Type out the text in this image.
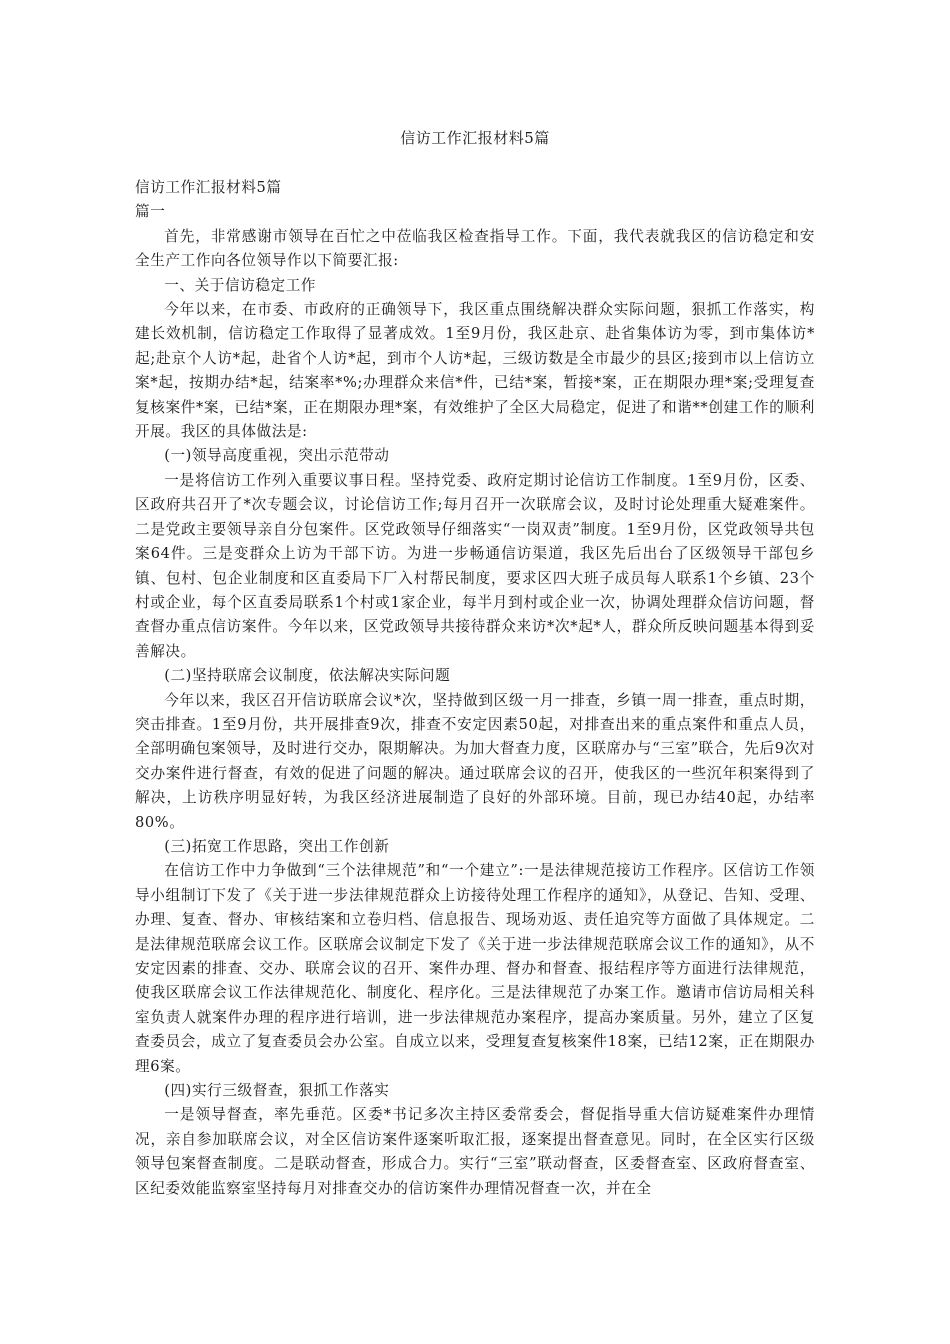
信访工作汇报材料5篇

信访工作汇报材料5篇

篇一

首先，非常感谢市领导在百忙之中莅临我区检查指导工作。下面，我代表就我区的信访稳定和安全生产工作向各位领导作以下简要汇报:

一、关于信访稳定工作

今年以来，在市委、市政府的正确领导下，我区重点围绕解决群众实际问题，狠抓工作落实，构建长效机制，信访稳定工作取得了显著成效。1至9月份，我区赴京、赴省集体访为零，到市集体访*起;赴京个人访*起，赴省个人访*起，到市个人访*起，三级访数是全市最少的县区;接到市以上信访立案*起，按期办结*起，结案率*%;办理群众来信*件，已结*案，暂接*案，正在期限办理*案;受理复查复核案件*案，已结*案，正在期限办理*案，有效维护了全区大局稳定，促进了和谐**创建工作的顺利开展。我区的具体做法是:

(一)领导高度重视，突出示范带动

一是将信访工作列入重要议事日程。坚持党委、政府定期讨论信访工作制度。1至9月份，区委、区政府共召开了*次专题会议，讨论信访工作;每月召开一次联席会议，及时讨论处理重大疑难案件。二是党政主要领导亲自分包案件。区党政领导仔细落实“一岗双责”制度。1至9月份，区党政领导共包案64件。三是变群众上访为干部下访。为进一步畅通信访渠道，我区先后出台了区级领导干部包乡镇、包村、包企业制度和区直委局下厂入村帮民制度，要求区四大班子成员每人联系1个乡镇、23个村或企业，每个区直委局联系1个村或1家企业，每半月到村或企业一次，协调处理群众信访问题，督查督办重点信访案件。今年以来，区党政领导共接待群众来访*次*起*人，群众所反映问题基本得到妥善解决。

(二)坚持联席会议制度，依法解决实际问题

今年以来，我区召开信访联席会议*次，坚持做到区级一月一排查，乡镇一周一排查，重点时期，突击排查。1至9月份，共开展排查9次，排查不安定因素50起，对排查出来的重点案件和重点人员，全部明确包案领导，及时进行交办，限期解决。为加大督查力度，区联席办与“三室”联合，先后9次对交办案件进行督查，有效的促进了问题的解决。通过联席会议的召开，使我区的一些沉年积案得到了解决，上访秩序明显好转，为我区经济进展制造了良好的外部环境。目前，现已办结40起，办结率80%。

(三)拓宽工作思路，突出工作创新

在信访工作中力争做到“三个法律规范”和“一个建立”:一是法律规范接访工作程序。区信访工作领导小组制订下发了《关于进一步法律规范群众上访接待处理工作程序的通知》，从登记、告知、受理、办理、复查、督办、审核结案和立卷归档、信息报告、现场劝返、责任追究等方面做了具体规定。二是法律规范联席会议工作。区联席会议制定下发了《关于进一步法律规范联席会议工作的通知》，从不安定因素的排查、交办、联席会议的召开、案件办理、督办和督查、报结程序等方面进行法律规范，使我区联席会议工作法律规范化、制度化、程序化。三是法律规范了办案工作。邀请市信访局相关科室负责人就案件办理的程序进行培训，进一步法律规范办案程序，提高办案质量。另外，建立了区复查委员会，成立了复查委员会办公室。自成立以来，受理复查复核案件18案，已结12案，正在期限办理6案。

(四)实行三级督查，狠抓工作落实

一是领导督查，率先垂范。区委*书记多次主持区委常委会，督促指导重大信访疑难案件办理情况，亲自参加联席会议，对全区信访案件逐案听取汇报，逐案提出督查意见。同时，在全区实行区级领导包案督查制度。二是联动督查，形成合力。实行“三室”联动督查，区委督查室、区政府督查室、区纪委效能监察室坚持每月对排查交办的信访案件办理情况督查一次，并在全
